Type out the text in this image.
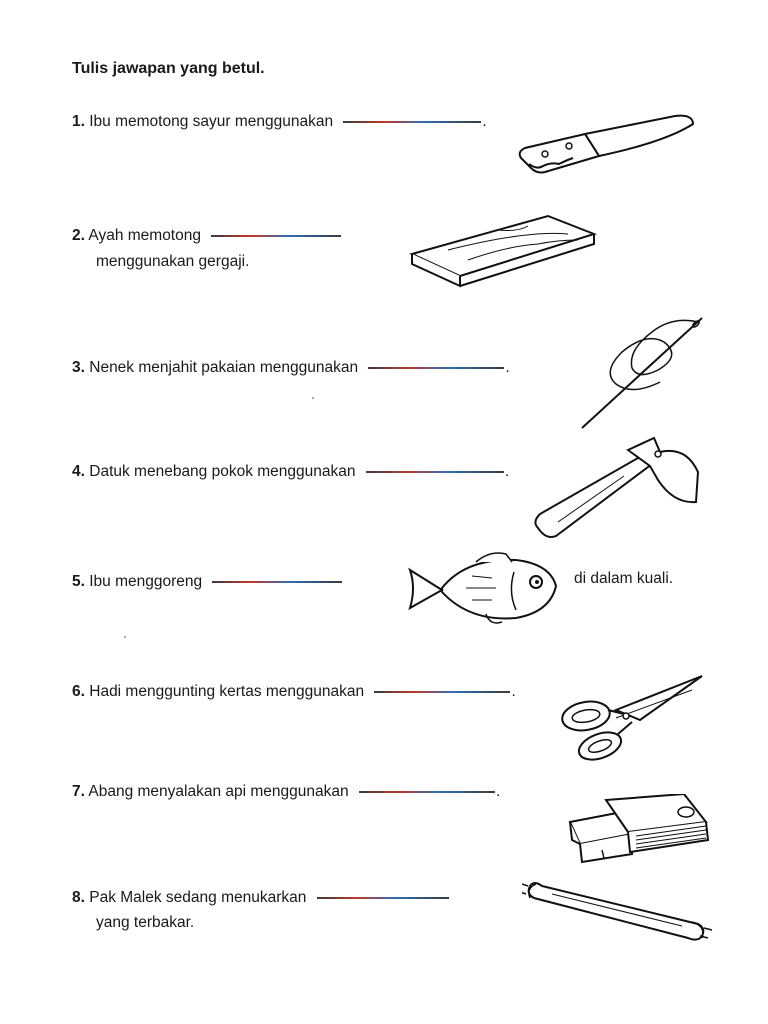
Tulis jawapan yang betul.
1. Ibu memotong sayur menggunakan	.
2. Ayah memotong
menggunakan gergaji.
3. Nenek menjahit pakaian menggunakan	.
4. Datuk menebang pokok menggunakan	.
5. Ibu menggoreng	di dalam kuali.
6. Hadi menggunting kertas menggunakan	.
7. Abang menyalakan api menggunakan	.
8. Pak Malek sedang menukarkan
yang terbakar.
